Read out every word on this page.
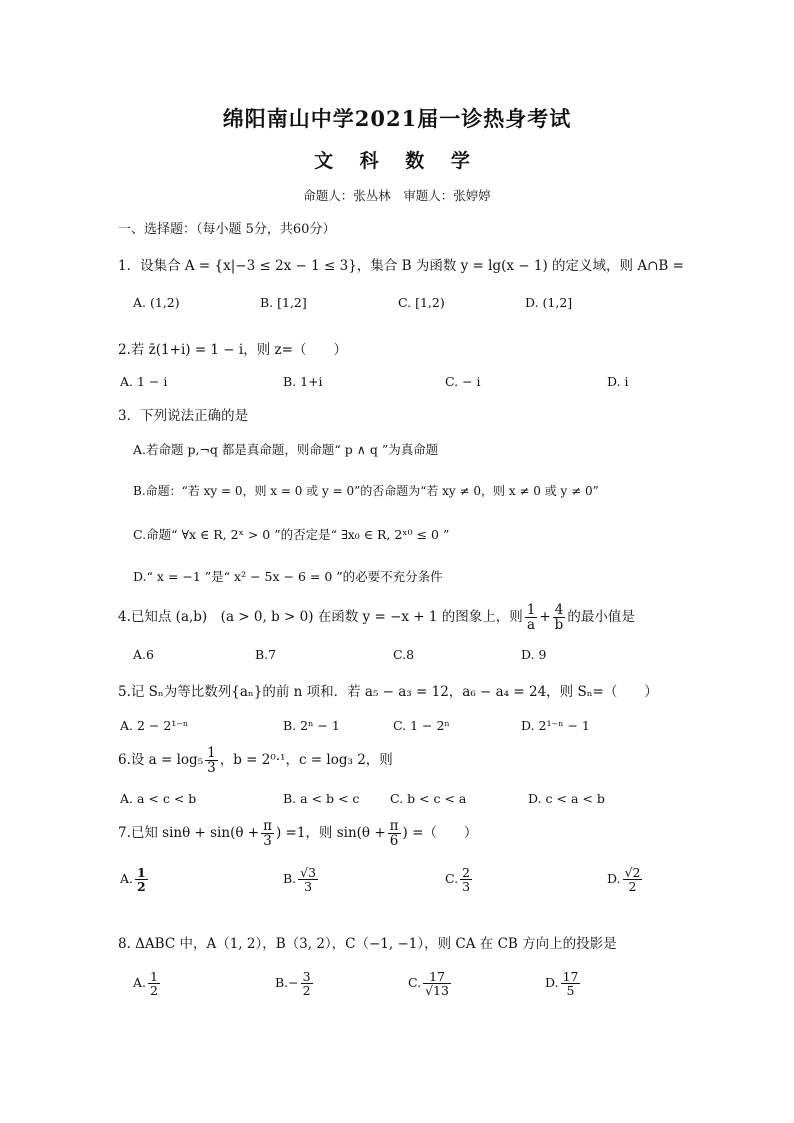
绵阳南山中学2021届一诊热身考试
文 科 数 学
命题人：张丛林　审题人：张婷婷
一、选择题：（每小题 5分，共60分）
1．设集合 A = {x|−3 ≤ 2x − 1 ≤ 3}，集合 B 为函数 y = lg(x − 1) 的定义域，则 A∩B =
A. (1,2)	B. [1,2]	C. [1,2)	D. (1,2]
2.若 z̄(1+i) = 1 − i，则 z=（　　）
A. 1 − i	B. 1+i	C. − i	D. i
3．下列说法正确的是
A.若命题 p,¬q 都是真命题，则命题“ p ∧ q ”为真命题
B.命题：“若 xy = 0，则 x = 0 或 y = 0”的否命题为“若 xy ≠ 0，则 x ≠ 0 或 y ≠ 0”
C.命题“ ∀x ∈ R, 2ˣ > 0 ”的否定是“ ∃x₀ ∈ R, 2ˣ⁰ ≤ 0 ”
D.“ x = −1 ”是“ x² − 5x − 6 = 0 ”的必要不充分条件
4.已知点 (a,b)　(a > 0, b > 0) 在函数 y = −x + 1 的图象上，则 $\frac{1}{a} + \frac{4}{b}$ 的最小值是
A.6	B.7	C.8	D. 9
5.记 Sₙ为等比数列{aₙ}的前 n 项和．若 a₅ − a₃ = 12，a₆ − a₄ = 24，则 Sₙ=（　　）
A. 2 − 2¹⁻ⁿ	B. 2ⁿ − 1	C. 1 − 2ⁿ	D. 2¹⁻ⁿ − 1
6.设 $a = \log_5 \frac{1}{3}$ ，b = 2⁰·¹，c = log₃ 2，则
A. a < c < b	B. a < b < c C. b < c < a	D. c < a < b
7.已知 $\sin\theta + \sin(\theta + \frac{\pi}{3}$ ) =1，则 $\sin(\theta + \frac{\pi}{6}$ ) =（　　）
A. $\frac{1}{2}$	B. $\frac{√3}{3}$	C. $\frac{2}{3}$	D. $\frac{√2}{2}$
8. ΔABC 中，A（1, 2），B（3, 2），C（−1, −1），则 CA 在 CB 方向上的投影是
A. $\frac{1}{2}$	$B.- \frac{3}{2}$	C. $\frac{17}{√13}$	D. $\frac{17}{5}$
